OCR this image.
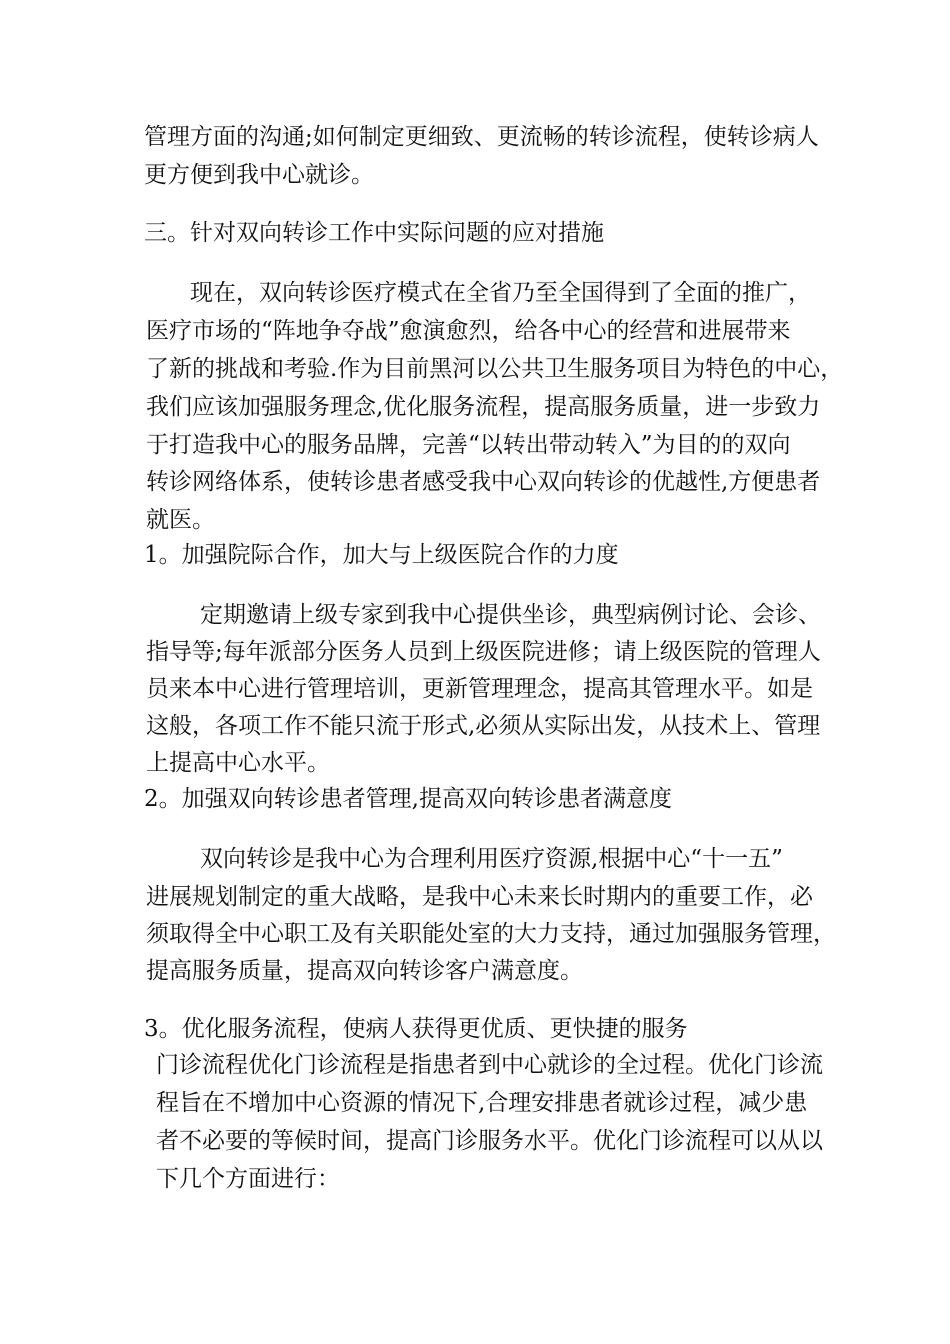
管理方面的沟通;如何制定更细致、更流畅的转诊流程，使转诊病人

更方便到我中心就诊。

三。针对双向转诊工作中实际问题的应对措施

现在，双向转诊医疗模式在全省乃至全国得到了全面的推广，

医疗市场的“阵地争夺战”愈演愈烈，给各中心的经营和进展带来

了新的挑战和考验.作为目前黑河以公共卫生服务项目为特色的中心，

我们应该加强服务理念,优化服务流程，提高服务质量，进一步致力

于打造我中心的服务品牌，完善“以转出带动转入”为目的的双向

转诊网络体系，使转诊患者感受我中心双向转诊的优越性,方便患者

就医。

1。加强院际合作，加大与上级医院合作的力度

定期邀请上级专家到我中心提供坐诊，典型病例讨论、会诊、

指导等;每年派部分医务人员到上级医院进修；请上级医院的管理人

员来本中心进行管理培训，更新管理理念，提高其管理水平。如是

这般，各项工作不能只流于形式,必须从实际出发，从技术上、管理

上提高中心水平。

2。加强双向转诊患者管理,提高双向转诊患者满意度

双向转诊是我中心为合理利用医疗资源,根据中心“十一五”

进展规划制定的重大战略，是我中心未来长时期内的重要工作，必

须取得全中心职工及有关职能处室的大力支持，通过加强服务管理，

提高服务质量，提高双向转诊客户满意度。

3。优化服务流程，使病人获得更优质、更快捷的服务

门诊流程优化门诊流程是指患者到中心就诊的全过程。优化门诊流

程旨在不增加中心资源的情况下,合理安排患者就诊过程，减少患

者不必要的等候时间，提高门诊服务水平。优化门诊流程可以从以

下几个方面进行：
